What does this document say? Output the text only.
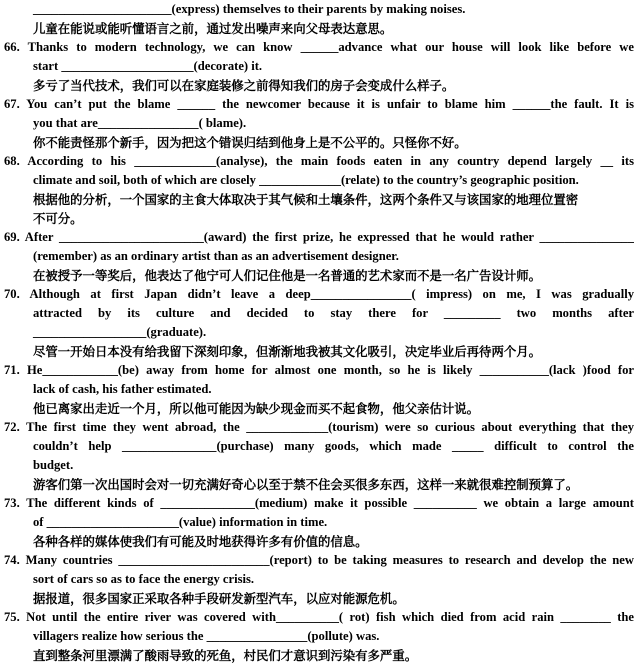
______________________(express) themselves to their parents by making noises.
儿童在能说或能听懂语言之前，通过发出噪声来向父母表达意思。
66. Thanks to modern technology, we can know ______advance what our house will look like before we
start _____________________(decorate) it.
多亏了当代技术，我们可以在家庭装修之前得知我们的房子会变成什么样子。
67. You can’t put the blame ______ the newcomer because it is unfair to blame him ______the fault. It is
you that are________________( blame).
你不能责怪那个新手，因为把这个错误归结到他身上是不公平的。只怪你不好。
68. According to his _____________(analyse), the main foods eaten in any country depend largely __ its
climate and soil, both of which are closely _____________(relate) to the country’s geographic position.
根据他的分析，一个国家的主食大体取决于其气候和土壤条件，这两个条件又与该国家的地理位置密
不可分。
69. After _______________________(award) the first prize, he expressed that he would rather _______________
(remember) as an ordinary artist than as an advertisement designer.
在被授予一等奖后，他表达了他宁可人们记住他是一名普通的艺术家而不是一名广告设计师。
70. Although at first Japan didn’t leave a deep________________( impress) on me, I was gradually
attracted by its culture and decided to stay there for _________ two months after
__________________(graduate).
尽管一开始日本没有给我留下深刻印象，但渐渐地我被其文化吸引，决定毕业后再待两个月。
71. He____________(be) away from home for almost one month, so he is likely ___________(lack )food for
lack of cash, his father estimated.
他已离家出走近一个月，所以他可能因为缺少现金而买不起食物，他父亲估计说。
72. The first time they went abroad, the _____________(tourism) were so curious about everything that they
couldn’t help _______________(purchase) many goods, which made _____ difficult to control the
budget.
游客们第一次出国时会对一切充满好奇心以至于禁不住会买很多东西，这样一来就很难控制预算了。
73. The different kinds of _______________(medium) make it possible __________ we obtain a large amount
of _____________________(value) information in time.
各种各样的媒体使我们有可能及时地获得许多有价值的信息。
74. Many countries ________________________(report) to be taking measures to research and develop the new
sort of cars so as to face the energy crisis.
据报道，很多国家正采取各种手段研发新型汽车，以应对能源危机。
75. Not until the entire river was covered with__________( rot) fish which died from acid rain ________ the
villagers realize how serious the ________________(pollute) was.
直到整条河里漂满了酸雨导致的死鱼，村民们才意识到污染有多严重。
